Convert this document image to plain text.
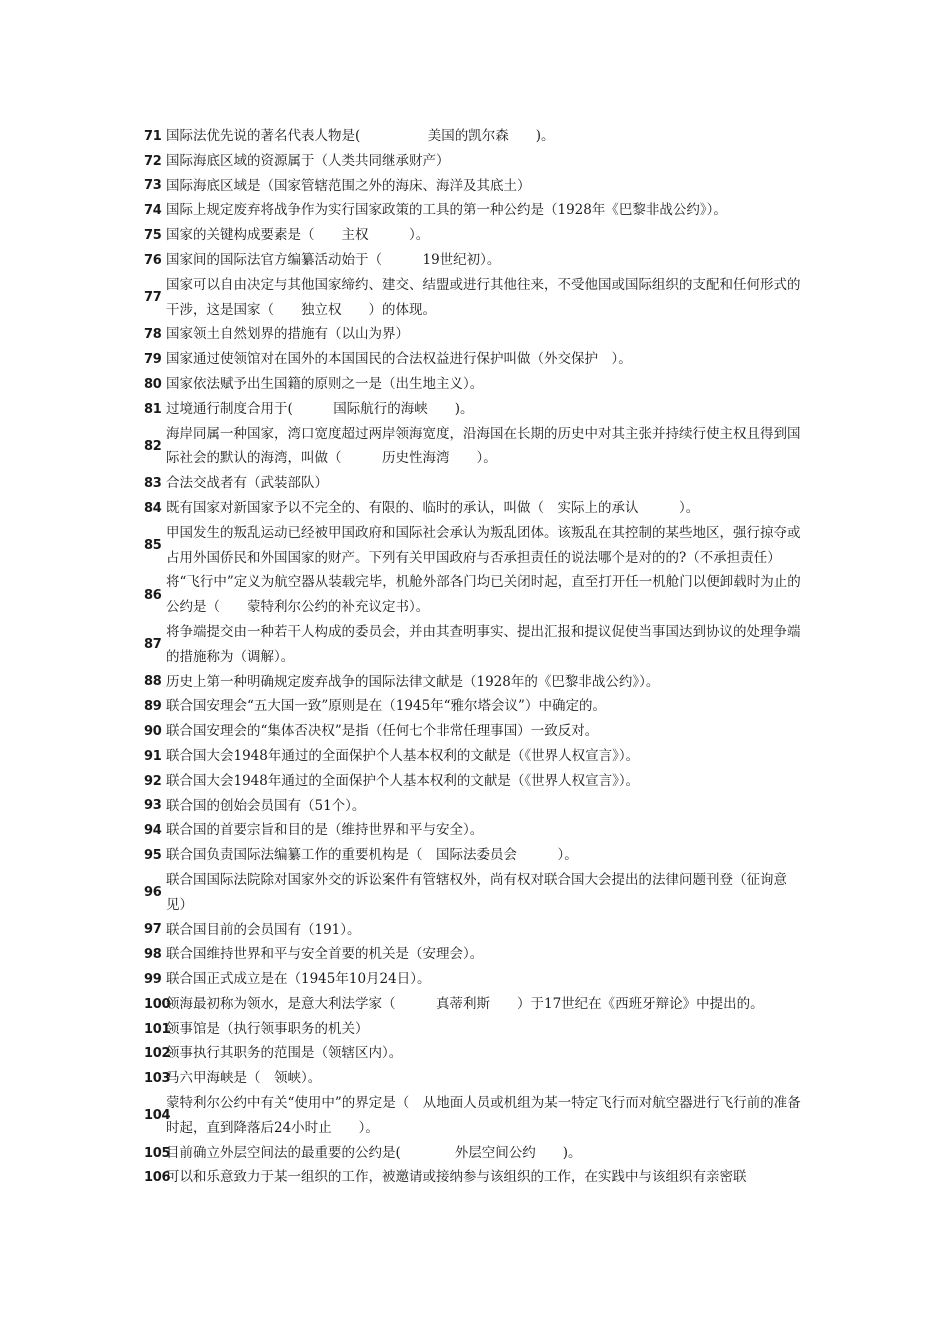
71 国际法优先说的著名代表人物是(　　　　　美国的凯尔森　　)。
72 国际海底区域的资源属于（人类共同继承财产）
73 国际海底区域是（国家管辖范围之外的海床、海洋及其底土）
74 国际上规定废弃将战争作为实行国家政策的工具的第一种公约是（1928年《巴黎非战公约》）。
75 国家的关键构成要素是（　　主权　　　）。
76 国家间的国际法官方编纂活动始于（　　　19世纪初）。
77
国家可以自由决定与其他国家缔约、建交、结盟或进行其他往来，不受他国或国际组织的支配和任何形式的干涉，这是国家（　　独立权　　）的体现。
78 国家领土自然划界的措施有（以山为界）
79 国家通过使领馆对在国外的本国国民的合法权益进行保护叫做（外交保护　）。
80 国家依法赋予出生国籍的原则之一是（出生地主义）。
81 过境通行制度合用于(　　　国际航行的海峡　　)。
82
海岸同属一种国家，湾口宽度超过两岸领海宽度，沿海国在长期的历史中对其主张并持续行使主权且得到国际社会的默认的海湾，叫做（　　　历史性海湾　　）。
83 合法交战者有（武装部队）
84 既有国家对新国家予以不完全的、有限的、临时的承认，叫做（　实际上的承认　　　）。
85
甲国发生的叛乱运动已经被甲国政府和国际社会承认为叛乱团体。该叛乱在其控制的某些地区，强行掠夺或占用外国侨民和外国国家的财产。下列有关甲国政府与否承担责任的说法哪个是对的的?（不承担责任）
86
将“飞行中”定义为航空器从装载完毕，机舱外部各门均已关闭时起，直至打开任一机舱门以便卸载时为止的公约是（　　蒙特利尔公约的补充议定书）。
87
将争端提交由一种若干人构成的委员会，并由其查明事实、提出汇报和提议促使当事国达到协议的处理争端的措施称为（调解）。
88 历史上第一种明确规定废弃战争的国际法律文献是（1928年的《巴黎非战公约》）。
89 联合国安理会“五大国一致”原则是在（1945年“雅尔塔会议”）中确定的。
90 联合国安理会的“集体否决权”是指（任何七个非常任理事国）一致反对。
91 联合国大会1948年通过的全面保护个人基本权利的文献是（《世界人权宣言》）。
92 联合国大会1948年通过的全面保护个人基本权利的文献是（《世界人权宣言》）。
93 联合国的创始会员国有（51个）。
94 联合国的首要宗旨和目的是（维持世界和平与安全）。
95 联合国负责国际法编纂工作的重要机构是（　国际法委员会　　　）。
96
联合国国际法院除对国家外交的诉讼案件有管辖权外，尚有权对联合国大会提出的法律问题刊登（征询意见）
97 联合国目前的会员国有（191）。
98 联合国维持世界和平与安全首要的机关是（安理会）。
99 联合国正式成立是在（1945年10月24日）。
100
领海最初称为领水，是意大利法学家（　　　真蒂利斯　　）于17世纪在《西班牙辩论》中提出的。
101
领事馆是（执行领事职务的机关）
102
领事执行其职务的范围是（领辖区内）。
103
马六甲海峡是（　领峡）。
104
蒙特利尔公约中有关“使用中”的界定是（　从地面人员或机组为某一特定飞行而对航空器进行飞行前的准备时起，直到降落后24小时止　　）。
105
目前确立外层空间法的最重要的公约是(　　　　外层空间公约　　)。
106
可以和乐意致力于某一组织的工作，被邀请或接纳参与该组织的工作，在实践中与该组织有亲密联
